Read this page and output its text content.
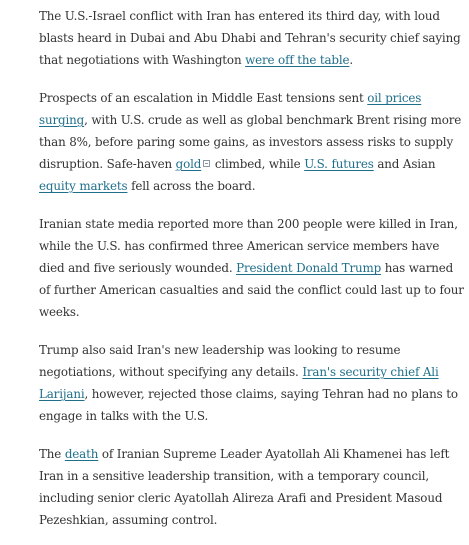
The U.S.-Israel conflict with Iran has entered its third day, with loud blasts heard in Dubai and Abu Dhabi and Tehran's security chief saying that negotiations with Washington were off the table.

Prospects of an escalation in Middle East tensions sent oil prices surging, with U.S. crude as well as global benchmark Brent rising more than 8%, before paring some gains, as investors assess risks to supply disruption. Safe-haven gold climbed, while U.S. futures and Asian equity markets fell across the board.

Iranian state media reported more than 200 people were killed in Iran, while the U.S. has confirmed three American service members have died and five seriously wounded. President Donald Trump has warned of further American casualties and said the conflict could last up to four weeks.

Trump also said Iran's new leadership was looking to resume negotiations, without specifying any details. Iran's security chief Ali Larijani, however, rejected those claims, saying Tehran had no plans to engage in talks with the U.S.

The death of Iranian Supreme Leader Ayatollah Ali Khamenei has left Iran in a sensitive leadership transition, with a temporary council, including senior cleric Ayatollah Alireza Arafi and President Masoud Pezeshkian, assuming control.
